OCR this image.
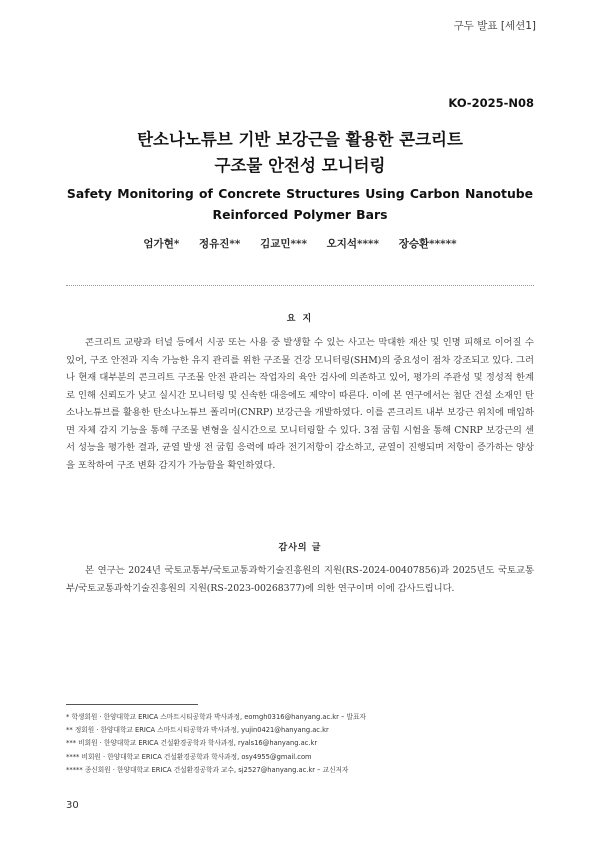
구두 발표 [세션1]
KO-2025-N08
탄소나노튜브 기반 보강근을 활용한 콘크리트
구조물 안전성 모니터링
Safety Monitoring of Concrete Structures Using Carbon Nanotube
Reinforced Polymer Bars
엄가현* 정유진** 김교민*** 오지석**** 장승환*****
요 지
콘크리트 교량과 터널 등에서 시공 또는 사용 중 발생할 수 있는 사고는 막대한 재산 및 인명 피해로 이어질 수 있어, 구조 안전과 지속 가능한 유지 관리를 위한 구조물 건강 모니터링(SHM)의 중요성이 점차 강조되고 있다. 그러나 현재 대부분의 콘크리트 구조물 안전 관리는 작업자의 육안 검사에 의존하고 있어, 평가의 주관성 및 정성적 한계로 인해 신뢰도가 낮고 실시간 모니터링 및 신속한 대응에도 제약이 따른다. 이에 본 연구에서는 첨단 건설 소재인 탄소나노튜브를 활용한 탄소나노튜브 폴리머(CNRP) 보강근을 개발하였다. 이를 콘크리트 내부 보강근 위치에 매입하면 자체 감지 기능을 통해 구조물 변형을 실시간으로 모니터링할 수 있다. 3점 굽힘 시험을 통해 CNRP 보강근의 센서 성능을 평가한 결과, 균열 발생 전 굽힘 응력에 따라 전기저항이 감소하고, 균열이 진행되며 저항이 증가하는 양상을 포착하여 구조 변화 감지가 가능함을 확인하였다.
감사의 글
본 연구는 2024년 국토교통부/국토교통과학기술진흥원의 지원(RS-2024-00407856)과 2025년도 국토교통부/국토교통과학기술진흥원의 지원(RS-2023-00268377)에 의한 연구이며 이에 감사드립니다.
* 학생회원 · 한양대학교 ERICA 스마트시티공학과 박사과정, eomgh0316@hanyang.ac.kr – 발표자
** 정회원 · 한양대학교 ERICA 스마트시티공학과 박사과정, yujin0421@hanyang.ac.kr
*** 비회원 · 한양대학교 ERICA 건설환경공학과 학사과정, ryals16@hanyang.ac.kr
**** 비회원 · 한양대학교 ERICA 건설환경공학과 학사과정, osy4955@gmail.com
***** 종신회원 · 한양대학교 ERICA 건설환경공학과 교수, sj2527@hanyang.ac.kr – 교신저자
30
